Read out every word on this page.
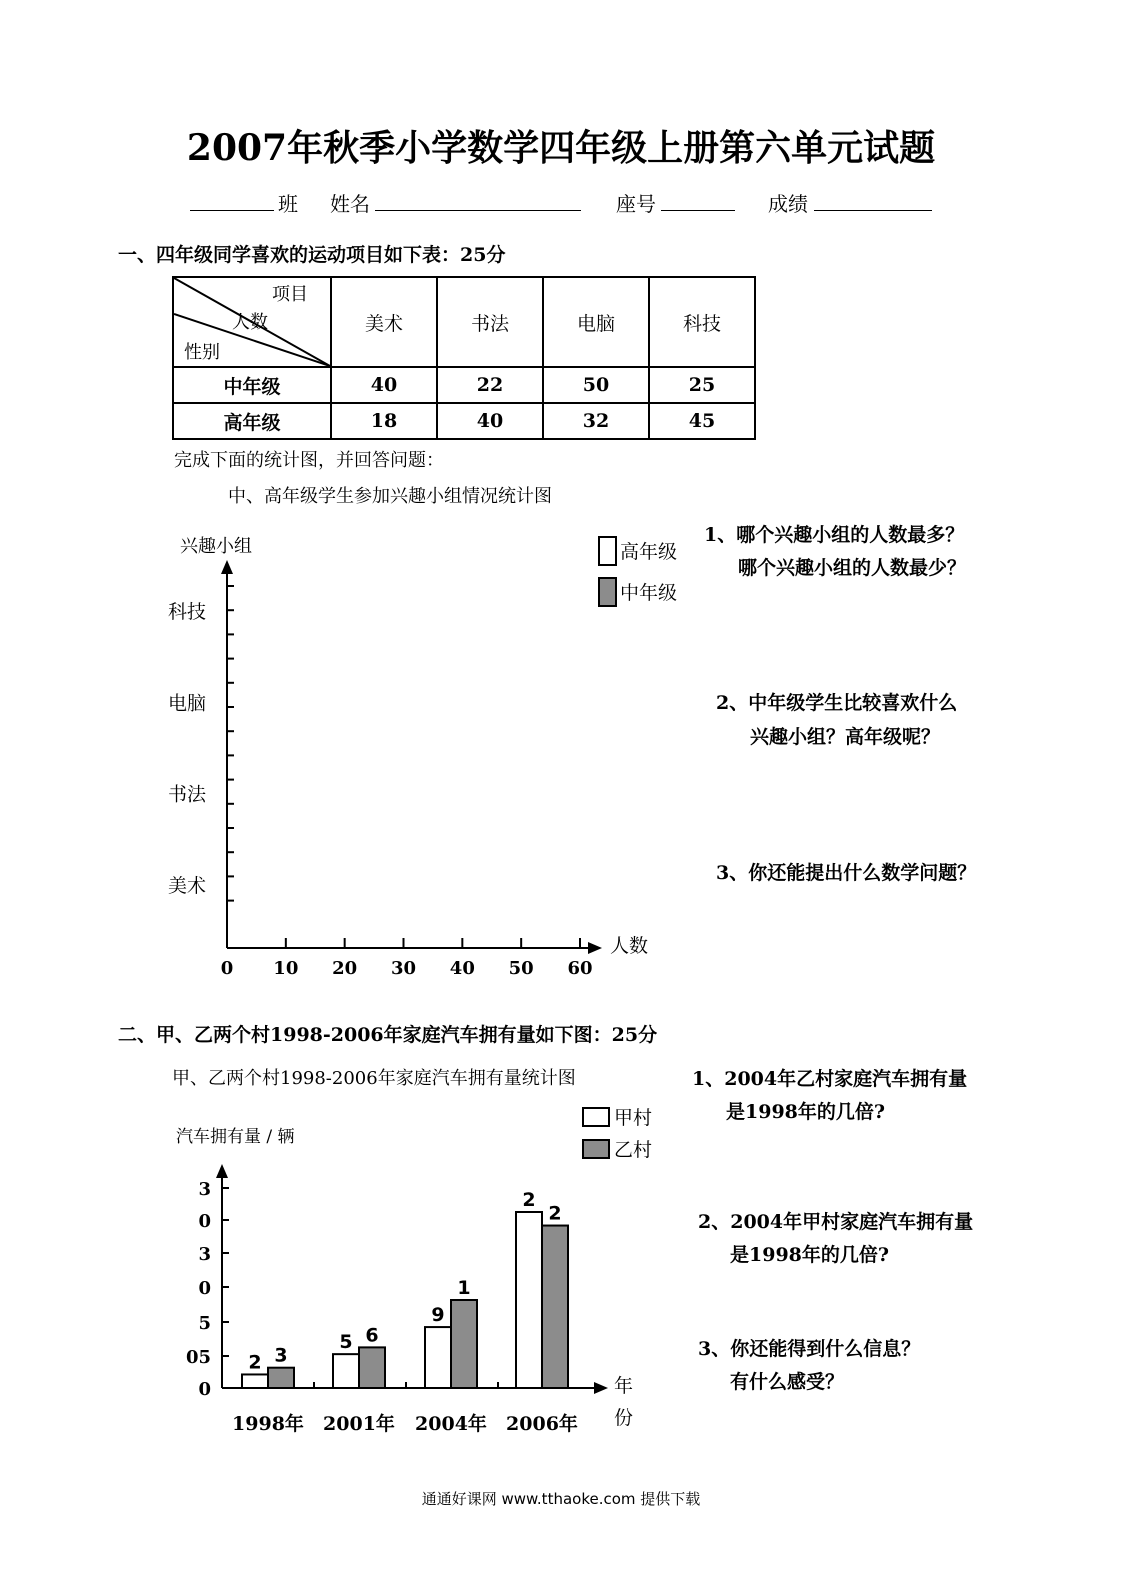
2007年秋季小学数学四年级上册第六单元试题
班 姓名	座号	成绩
一、四年级同学喜欢的运动项目如下表：25分
项目
人数
性别	美术	书法	电脑	科技
中年级	40	22	50	25
高年级	18	40	32	45
完成下面的统计图，并回答问题：
中、高年级学生参加兴趣小组情况统计图
兴趣小组
人数
美术
书法
电脑
科技
0 10 20 30 40 50 60
高年级
中年级
1、哪个兴趣小组的人数最多？
哪个兴趣小组的人数最少？
2、中年级学生比较喜欢什么
兴趣小组？高年级呢？
3、你还能提出什么数学问题？
二、甲、乙两个村1998-2006年家庭汽车拥有量如下图：25分
甲、乙两个村1998-2006年家庭汽车拥有量统计图
汽车拥有量 / 辆
年
份
0
05
5
0
3
0
3
2 3
5 6
9
1
2
2
1998年 2001年 2004年 2006年
甲村
乙村
1、2004年乙村家庭汽车拥有量
是1998年的几倍?
2、2004年甲村家庭汽车拥有量
是1998年的几倍?
3、你还能得到什么信息？
有什么感受？
通通好课网 www.tthaoke.com 提供下载
